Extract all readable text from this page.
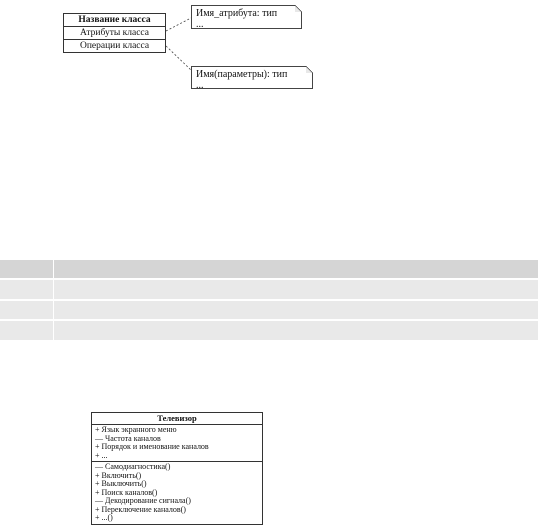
Название класса
Атрибуты класса
Операции класса
Имя_атрибута: тип
...
Имя(параметры): тип
...
Телевизор
+ Язык экранного меню
— Частота каналов
+ Порядок и именование каналов
+ ...
— Самодиагностика()
+ Включить()
+ Выключить()
+ Поиск каналов()
— Декодирование сигнала()
+ Переключение каналов()
+ ...()
